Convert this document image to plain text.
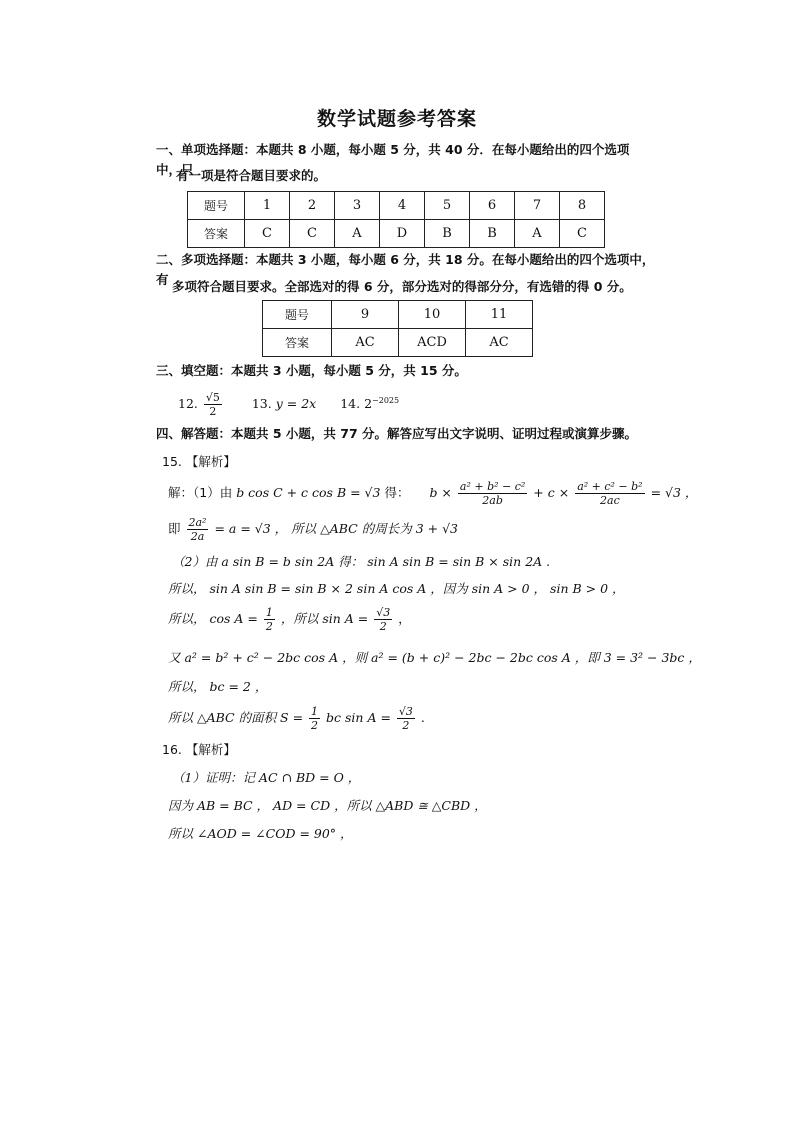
数学试题参考答案
一、单项选择题：本题共 8 小题，每小题 5 分，共 40 分．在每小题给出的四个选项中，只
有一项是符合题目要求的。
题号	1	2	3	4	5	6	7	8
答案	C	C	A	D	B	B	A	C
二、多项选择题：本题共 3 小题，每小题 6 分，共 18 分。在每小题给出的四个选项中，有 多项符合题目要求。全部选对的得 6 分，部分选对的得部分分，有选错的得 0 分。
题号	9	10	11
答案	AC	ACD	AC
三、填空题：本题共 3 小题，每小题 5 分，共 15 分。
12. $\frac{√5}{2} 13$. y = 2x 14. $2^{-2025}$
四、解答题：本题共 5 小题，共 77 分。解答应写出文字说明、证明过程或演算步骤。
15. 【解析】
解：（1）由 b cos C + c cos B = √3 得： $b \times \frac{\text{a² + b² − c²}}{2ab} + c \times \frac{\text{a² + c² − b²}}{2ac} = √3$ ，
即 $\frac{\text{2a²}}{2a} = a = √3$ ， 所以 △ABC 的周长为 3 + √3
（2）由 a sin B = b sin 2A 得： sin A sin B = sin B × sin 2A .
所以， sin A sin B = sin B × 2 sin A cos A ，因为 sin A > 0 ， sin B > 0 ，
所以， $\cos A = \frac{1}{2}$ ，所以 $\sin A = \frac{√3}{2}$ ，
又 a² = b² + c² − 2bc cos A ，则 a² = (b + c)² − 2bc − 2bc cos A ，即 3 = 3² − 3bc ，
所以， bc = 2 ，
所以 △ABC 的面积 $S = \frac{1}{2}$ bc $\sin A = \frac{√3}{2}$ .
16. 【解析】
（1）证明：记 AC ∩ BD = O ，
因为 AB = BC ， AD = CD ，所以 △ABD ≅ △CBD ，
所以 ∠AOD = ∠COD = 90° ，
